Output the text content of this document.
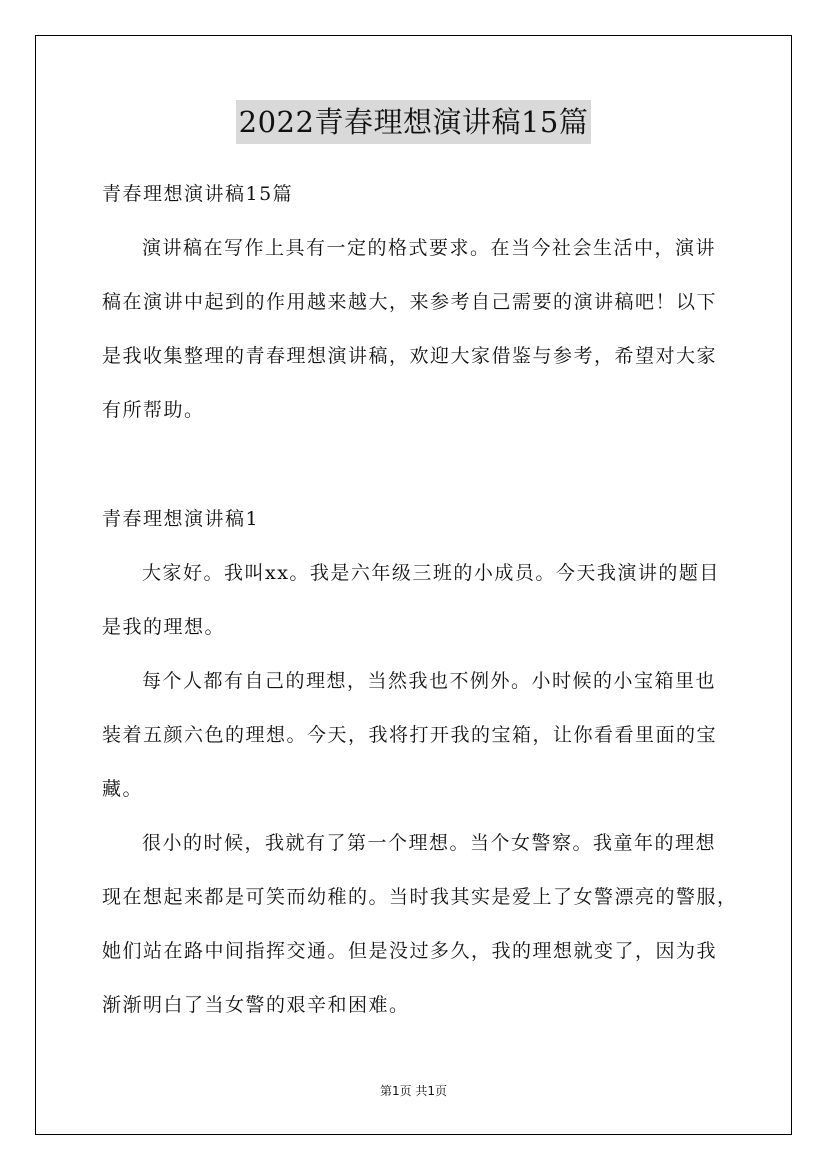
2022青春理想演讲稿15篇
青春理想演讲稿15篇
演讲稿在写作上具有一定的格式要求。在当今社会生活中，演讲
稿在演讲中起到的作用越来越大，来参考自己需要的演讲稿吧！以下
是我收集整理的青春理想演讲稿，欢迎大家借鉴与参考，希望对大家
有所帮助。
青春理想演讲稿1
大家好。我叫xx。我是六年级三班的小成员。今天我演讲的题目
是我的理想。
每个人都有自己的理想，当然我也不例外。小时候的小宝箱里也
装着五颜六色的理想。今天，我将打开我的宝箱，让你看看里面的宝
藏。
很小的时候，我就有了第一个理想。当个女警察。我童年的理想
现在想起来都是可笑而幼稚的。当时我其实是爱上了女警漂亮的警服，
她们站在路中间指挥交通。但是没过多久，我的理想就变了，因为我
渐渐明白了当女警的艰辛和困难。
第1页 共1页
